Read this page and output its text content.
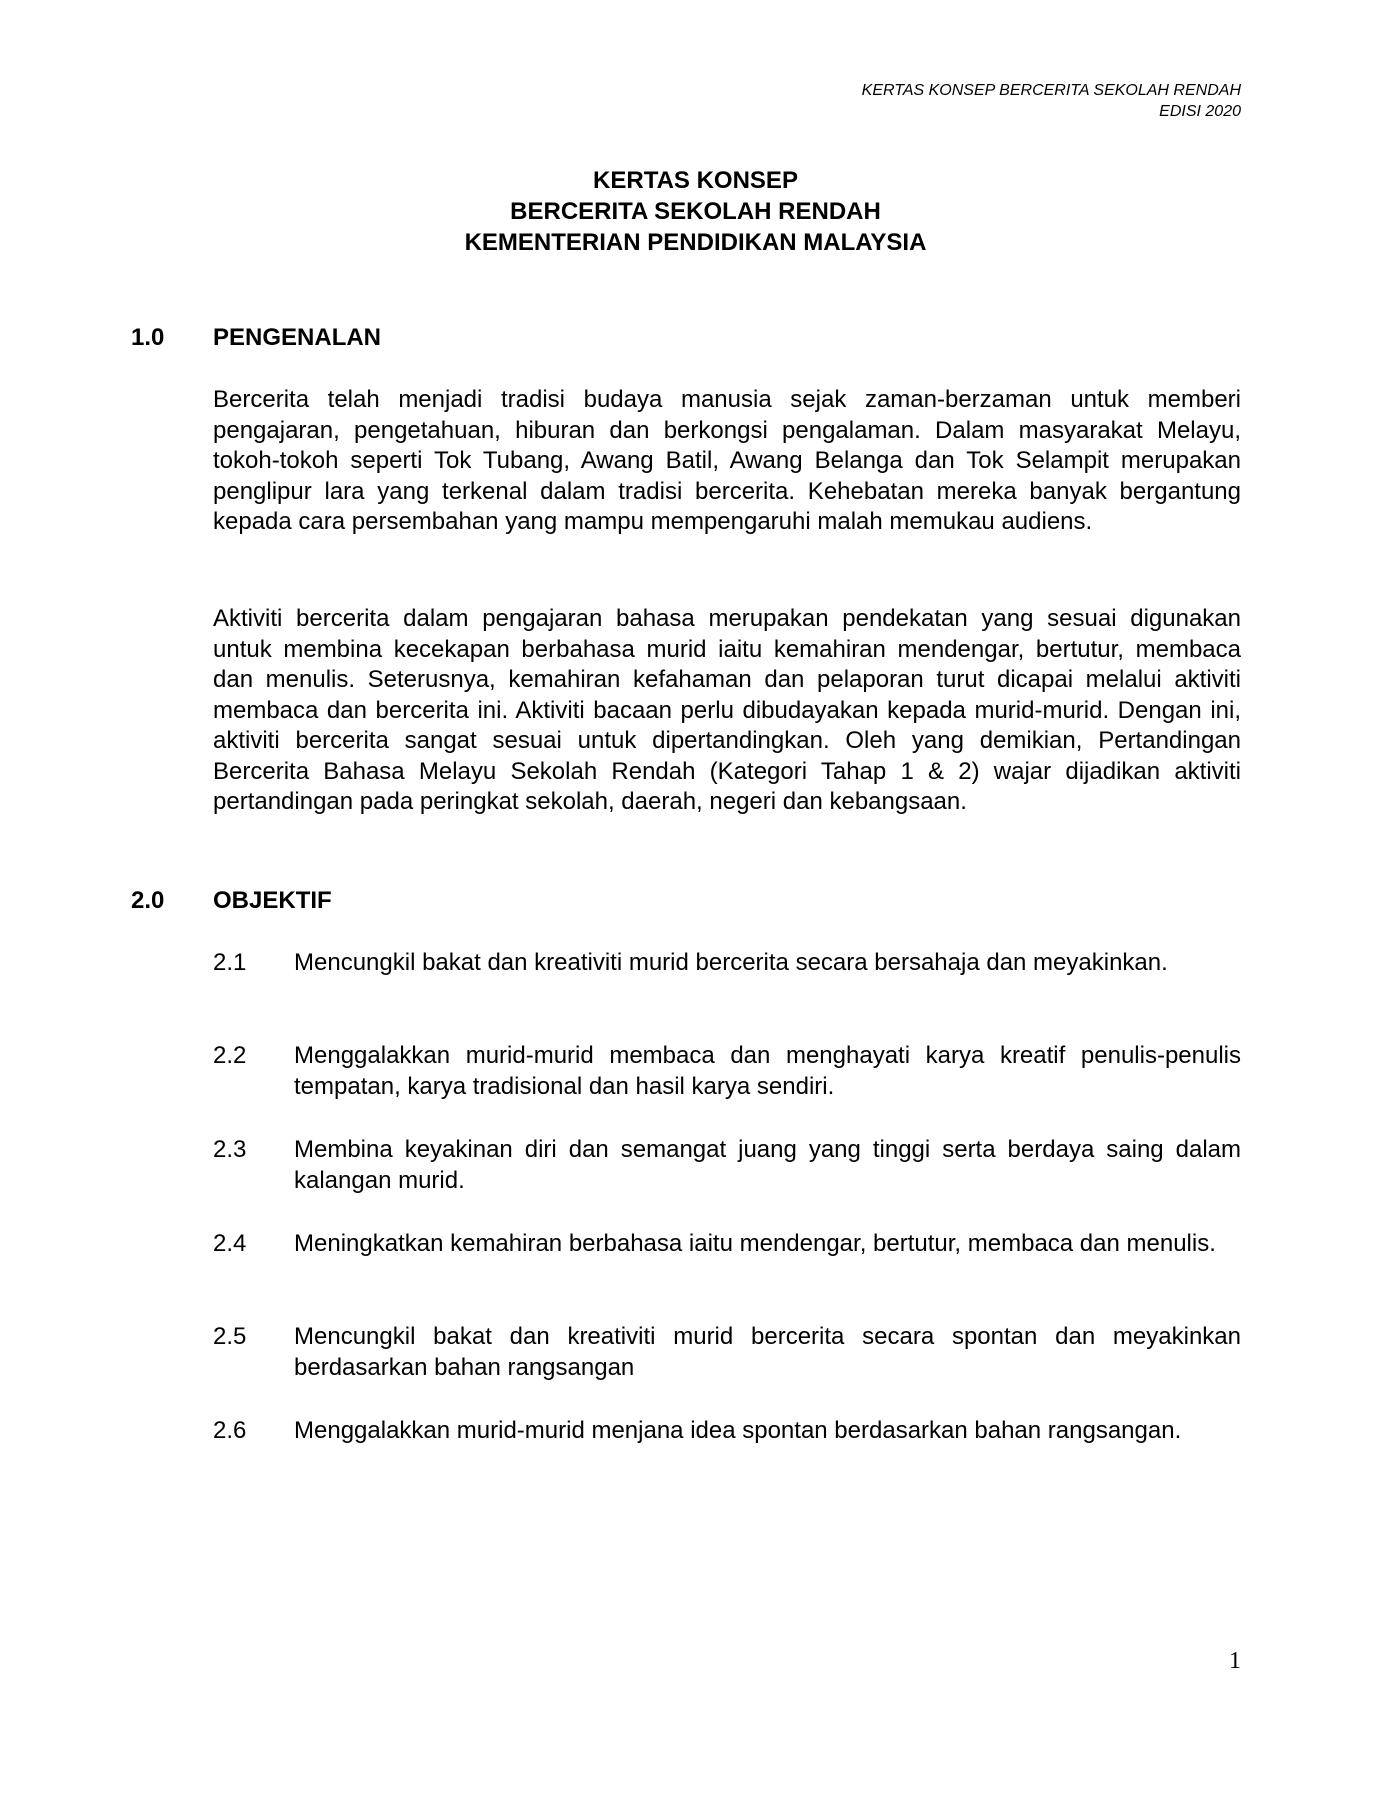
KERTAS KONSEP BERCERITA SEKOLAH RENDAH
EDISI 2020
KERTAS KONSEP
BERCERITA SEKOLAH RENDAH
KEMENTERIAN PENDIDIKAN MALAYSIA
1.0 PENGENALAN

Bercerita telah menjadi tradisi budaya manusia sejak zaman-berzaman untuk memberi pengajaran, pengetahuan, hiburan dan berkongsi pengalaman. Dalam masyarakat Melayu, tokoh-tokoh seperti Tok Tubang, Awang Batil, Awang Belanga dan Tok Selampit merupakan penglipur lara yang terkenal dalam tradisi bercerita. Kehebatan mereka banyak bergantung kepada cara persembahan yang mampu mempengaruhi malah memukau audiens.

Aktiviti bercerita dalam pengajaran bahasa merupakan pendekatan yang sesuai digunakan untuk membina kecekapan berbahasa murid iaitu kemahiran mendengar, bertutur, membaca dan menulis. Seterusnya, kemahiran kefahaman dan pelaporan turut dicapai melalui aktiviti membaca dan bercerita ini. Aktiviti bacaan perlu dibudayakan kepada murid-murid. Dengan ini, aktiviti bercerita sangat sesuai untuk dipertandingkan. Oleh yang demikian, Pertandingan Bercerita Bahasa Melayu Sekolah Rendah (Kategori Tahap 1 & 2) wajar dijadikan aktiviti pertandingan pada peringkat sekolah, daerah, negeri dan kebangsaan.

2.0 OBJEKTIF
2.1	Mencungkil bakat dan kreativiti murid bercerita secara bersahaja dan meyakinkan.
2.2	Menggalakkan murid-murid membaca dan menghayati karya kreatif penulis-penulis tempatan, karya tradisional dan hasil karya sendiri.
2.3	Membina keyakinan diri dan semangat juang yang tinggi serta berdaya saing dalam kalangan murid.
2.4	Meningkatkan kemahiran berbahasa iaitu mendengar, bertutur, membaca dan menulis.
2.5	Mencungkil bakat dan kreativiti murid bercerita secara spontan dan meyakinkan berdasarkan bahan rangsangan
2.6	Menggalakkan murid-murid menjana idea spontan berdasarkan bahan rangsangan.
1
